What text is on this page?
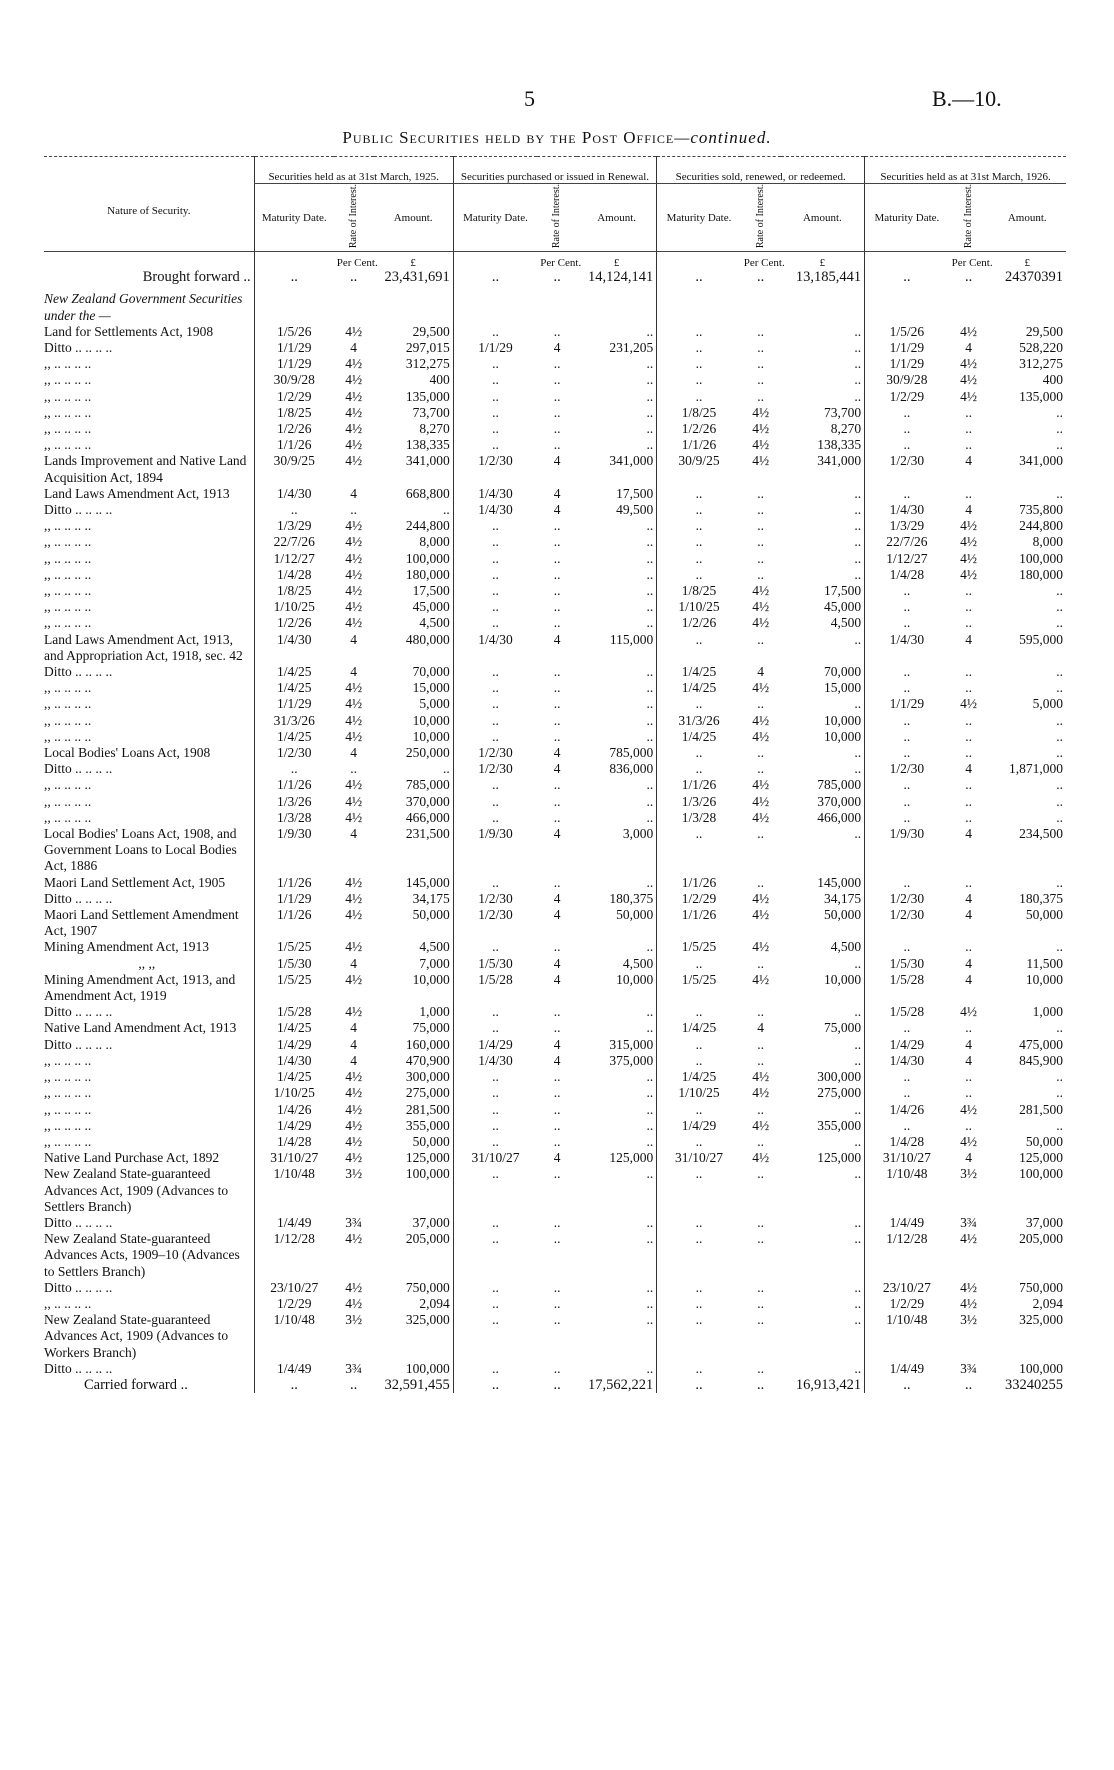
5	B.—10.
Public Securities held by the Post Office—continued.
Nature of Security.	Securities held as at 31st March, 1925.			Securities purchased or issued in Renewal.			Securities sold, renewed, or redeemed.			Securities held as at 31st March, 1926.		
	Maturity Date.	Rate of Interest.	Amount.	Maturity Date.	Rate of Interest.	Amount.	Maturity Date.	Rate of Interest.	Amount.	Maturity Date.	Rate of Interest.	Amount.
		Per Cent.	£		Per Cent.	£		Per Cent.	£		Per Cent.	£
Brought forward ..	..	..	23,431,691	..	..	14,124,141	..	..	13,185,441	..	..	24370391
New Zealand Government Securities under the —												
Land for Settlements Act, 1908	1/5/26	4½	29,500	..	..	..	..	..	..	1/5/26	4½	29,500
Ditto .. .. .. ..	1/1/29	4	297,015	1/1/29	4	231,205	..	..	..	1/1/29	4	528,220
,, .. .. .. ..	1/1/29	4½	312,275	..	..	..	..	..	..	1/1/29	4½	312,275
,, .. .. .. ..	30/9/28	4½	400	..	..	..	..	..	..	30/9/28	4½	400
,, .. .. .. ..	1/2/29	4½	135,000	..	..	..	..	..	..	1/2/29	4½	135,000
,, .. .. .. ..	1/8/25	4½	73,700	..	..	..	1/8/25	4½	73,700	..	..	..
,, .. .. .. ..	1/2/26	4½	8,270	..	..	..	1/2/26	4½	8,270	..	..	..
,, .. .. .. ..	1/1/26	4½	138,335	..	..	..	1/1/26	4½	138,335	..	..	..
Lands Improvement and Native Land Acquisition Act, 1894	30/9/25	4½	341,000	1/2/30	4	341,000	30/9/25	4½	341,000	1/2/30	4	341,000
Land Laws Amendment Act, 1913	1/4/30	4	668,800	1/4/30	4	17,500	..	..	..	..	..	..
Ditto .. .. .. ..	..	..	..	1/4/30	4	49,500	..	..	..	1/4/30	4	735,800
,, .. .. .. ..	1/3/29	4½	244,800	..	..	..	..	..	..	1/3/29	4½	244,800
,, .. .. .. ..	22/7/26	4½	8,000	..	..	..	..	..	..	22/7/26	4½	8,000
,, .. .. .. ..	1/12/27	4½	100,000	..	..	..	..	..	..	1/12/27	4½	100,000
,, .. .. .. ..	1/4/28	4½	180,000	..	..	..	..	..	..	1/4/28	4½	180,000
,, .. .. .. ..	1/8/25	4½	17,500	..	..	..	1/8/25	4½	17,500	..	..	..
,, .. .. .. ..	1/10/25	4½	45,000	..	..	..	1/10/25	4½	45,000	..	..	..
,, .. .. .. ..	1/2/26	4½	4,500	..	..	..	1/2/26	4½	4,500	..	..	..
Land Laws Amendment Act, 1913, and Appropriation Act, 1918, sec. 42	1/4/30	4	480,000	1/4/30	4	115,000	..	..	..	1/4/30	4	595,000
Ditto .. .. .. ..	1/4/25	4	70,000	..	..	..	1/4/25	4	70,000	..	..	..
,, .. .. .. ..	1/4/25	4½	15,000	..	..	..	1/4/25	4½	15,000	..	..	..
,, .. .. .. ..	1/1/29	4½	5,000	..	..	..	..	..	..	1/1/29	4½	5,000
,, .. .. .. ..	31/3/26	4½	10,000	..	..	..	31/3/26	4½	10,000	..	..	..
,, .. .. .. ..	1/4/25	4½	10,000	..	..	..	1/4/25	4½	10,000	..	..	..
Local Bodies' Loans Act, 1908	1/2/30	4	250,000	1/2/30	4	785,000	..	..	..	..	..	..
Ditto .. .. .. ..	..	..	..	1/2/30	4	836,000	..	..	..	1/2/30	4	1,871,000
,, .. .. .. ..	1/1/26	4½	785,000	..	..	..	1/1/26	4½	785,000	..	..	..
,, .. .. .. ..	1/3/26	4½	370,000	..	..	..	1/3/26	4½	370,000	..	..	..
,, .. .. .. ..	1/3/28	4½	466,000	..	..	..	1/3/28	4½	466,000	..	..	..
Local Bodies' Loans Act, 1908, and Government Loans to Local Bodies Act, 1886	1/9/30	4	231,500	1/9/30	4	3,000	..	..	..	1/9/30	4	234,500
Maori Land Settlement Act, 1905	1/1/26	4½	145,000	..	..	..	1/1/26	..	145,000	..	..	..
Ditto .. .. .. ..	1/1/29	4½	34,175	1/2/30	4	180,375	1/2/29	4½	34,175	1/2/30	4	180,375
Maori Land Settlement Amendment Act, 1907	1/1/26	4½	50,000	1/2/30	4	50,000	1/1/26	4½	50,000	1/2/30	4	50,000
Mining Amendment Act, 1913	1/5/25	4½	4,500	..	..	..	1/5/25	4½	4,500	..	..	..
,, ,,	1/5/30	4	7,000	1/5/30	4	4,500	..	..	..	1/5/30	4	11,500
Mining Amendment Act, 1913, and Amendment Act, 1919	1/5/25	4½	10,000	1/5/28	4	10,000	1/5/25	4½	10,000	1/5/28	4	10,000
Ditto .. .. .. ..	1/5/28	4½	1,000	..	..	..	..	..	..	1/5/28	4½	1,000
Native Land Amendment Act, 1913	1/4/25	4	75,000	..	..	..	1/4/25	4	75,000	..	..	..
Ditto .. .. .. ..	1/4/29	4	160,000	1/4/29	4	315,000	..	..	..	1/4/29	4	475,000
,, .. .. .. ..	1/4/30	4	470,900	1/4/30	4	375,000	..	..	..	1/4/30	4	845,900
,, .. .. .. ..	1/4/25	4½	300,000	..	..	..	1/4/25	4½	300,000	..	..	..
,, .. .. .. ..	1/10/25	4½	275,000	..	..	..	1/10/25	4½	275,000	..	..	..
,, .. .. .. ..	1/4/26	4½	281,500	..	..	..	..	..	..	1/4/26	4½	281,500
,, .. .. .. ..	1/4/29	4½	355,000	..	..	..	1/4/29	4½	355,000	..	..	..
,, .. .. .. ..	1/4/28	4½	50,000	..	..	..	..	..	..	1/4/28	4½	50,000
Native Land Purchase Act, 1892	31/10/27	4½	125,000	31/10/27	4	125,000	31/10/27	4½	125,000	31/10/27	4	125,000
New Zealand State-guaranteed Advances Act, 1909 (Advances to Settlers Branch)	1/10/48	3½	100,000	..	..	..	..	..	..	1/10/48	3½	100,000
Ditto .. .. .. ..	1/4/49	3¾	37,000	..	..	..	..	..	..	1/4/49	3¾	37,000
New Zealand State-guaranteed Advances Acts, 1909–10 (Advances to Settlers Branch)	1/12/28	4½	205,000	..	..	..	..	..	..	1/12/28	4½	205,000
Ditto .. .. .. ..	23/10/27	4½	750,000	..	..	..	..	..	..	23/10/27	4½	750,000
,, .. .. .. ..	1/2/29	4½	2,094	..	..	..	..	..	..	1/2/29	4½	2,094
New Zealand State-guaranteed Advances Act, 1909 (Advances to Workers Branch)	1/10/48	3½	325,000	..	..	..	..	..	..	1/10/48	3½	325,000
Ditto .. .. .. ..	1/4/49	3¾	100,000	..	..	..	..	..	..	1/4/49	3¾	100,000
Carried forward ..	..	..	32,591,455	..	..	17,562,221	..	..	16,913,421	..	..	33240255
